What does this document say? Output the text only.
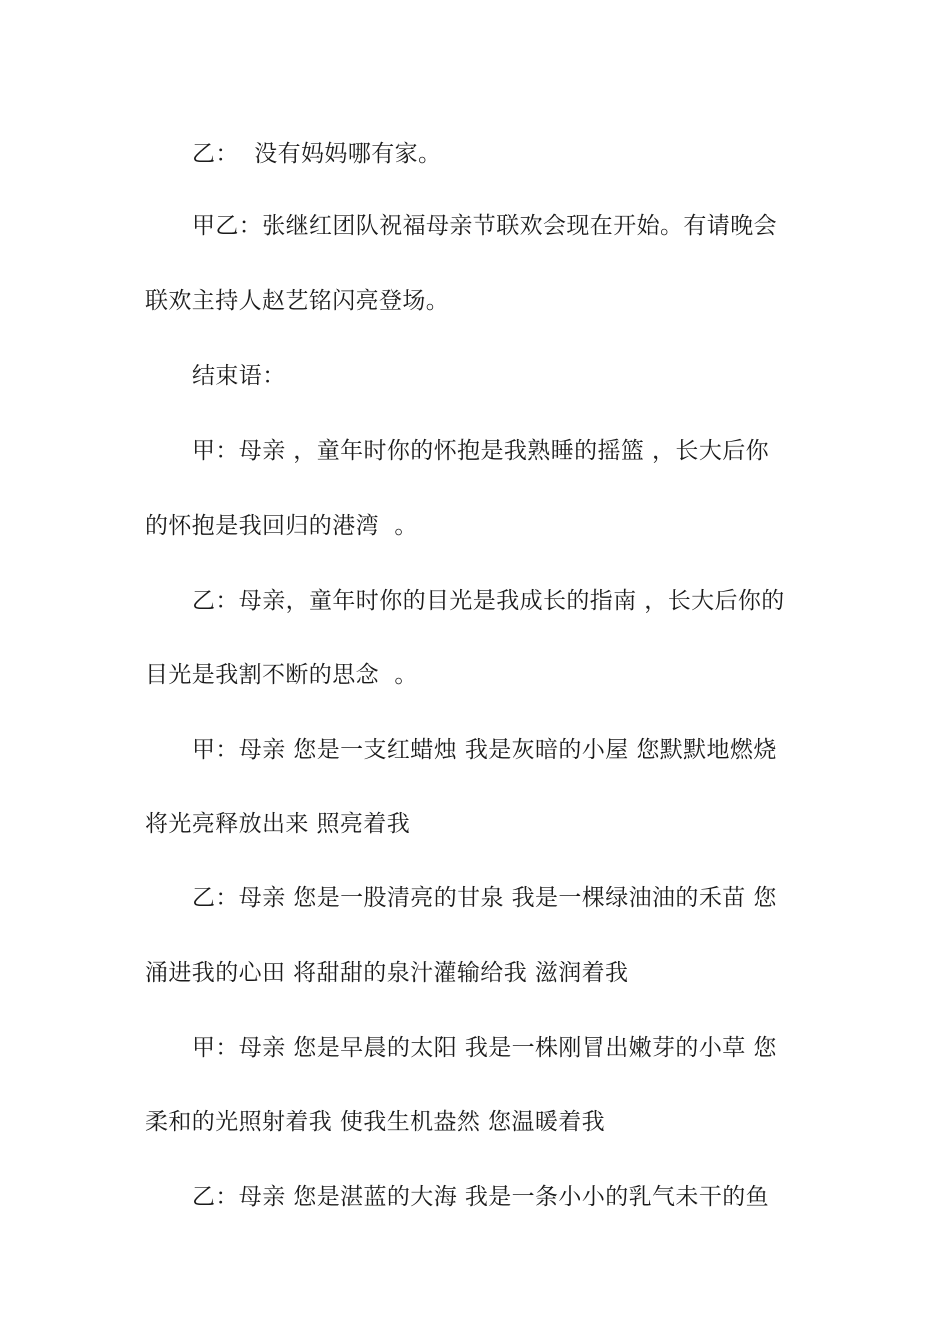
乙：  没有妈妈哪有家。

甲乙：张继红团队祝福母亲节联欢会现在开始。有请晚会

联欢主持人赵艺铭闪亮登场。

结束语：

甲：母亲 ，童年时你的怀抱是我熟睡的摇篮 ，长大后你

的怀抱是我回归的港湾  。

乙：母亲，童年时你的目光是我成长的指南 ，长大后你的

目光是我割不断的思念  。

甲：母亲 您是一支红蜡烛 我是灰暗的小屋 您默默地燃烧

将光亮释放出来 照亮着我

乙：母亲 您是一股清亮的甘泉 我是一棵绿油油的禾苗 您

涌进我的心田 将甜甜的泉汁灌输给我 滋润着我

甲：母亲 您是早晨的太阳 我是一株刚冒出嫩芽的小草 您

柔和的光照射着我 使我生机盎然 您温暖着我

乙：母亲 您是湛蓝的大海 我是一条小小的乳气未干的鱼
